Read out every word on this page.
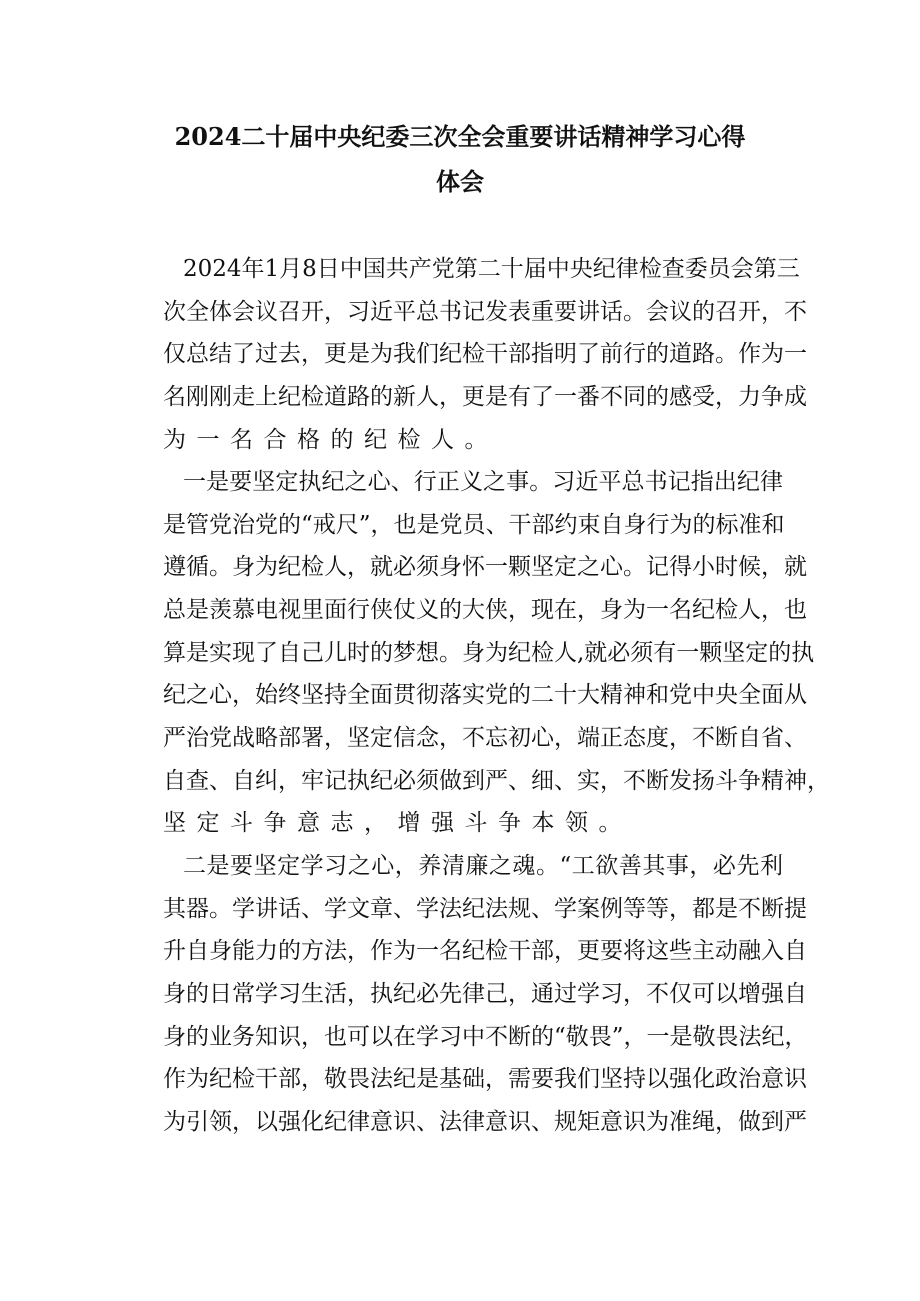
2024二十届中央纪委三次全会重要讲话精神学习心得
体会
2024年1月8日中国共产党第二十届中央纪律检查委员会第三
次全体会议召开，习近平总书记发表重要讲话。会议的召开，不
仅总结了过去，更是为我们纪检干部指明了前行的道路。作为一
名刚刚走上纪检道路的新人，更是有了一番不同的感受，力争成
为一名合格的纪检人。
一是要坚定执纪之心、行正义之事。习近平总书记指出纪律
是管党治党的“戒尺”，也是党员、干部约束自身行为的标准和
遵循。身为纪检人，就必须身怀一颗坚定之心。记得小时候，就
总是羡慕电视里面行侠仗义的大侠，现在，身为一名纪检人，也
算是实现了自己儿时的梦想。身为纪检人,就必须有一颗坚定的执
纪之心，始终坚持全面贯彻落实党的二十大精神和党中央全面从
严治党战略部署，坚定信念，不忘初心，端正态度，不断自省、
自查、自纠，牢记执纪必须做到严、细、实，不断发扬斗争精神，
坚定斗争意志，增强斗争本领。
二是要坚定学习之心，养清廉之魂。“工欲善其事，必先利
其器。学讲话、学文章、学法纪法规、学案例等等，都是不断提
升自身能力的方法，作为一名纪检干部，更要将这些主动融入自
身的日常学习生活，执纪必先律己，通过学习，不仅可以增强自
身的业务知识，也可以在学习中不断的“敬畏”，一是敬畏法纪，
作为纪检干部，敬畏法纪是基础，需要我们坚持以强化政治意识
为引领，以强化纪律意识、法律意识、规矩意识为准绳，做到严
